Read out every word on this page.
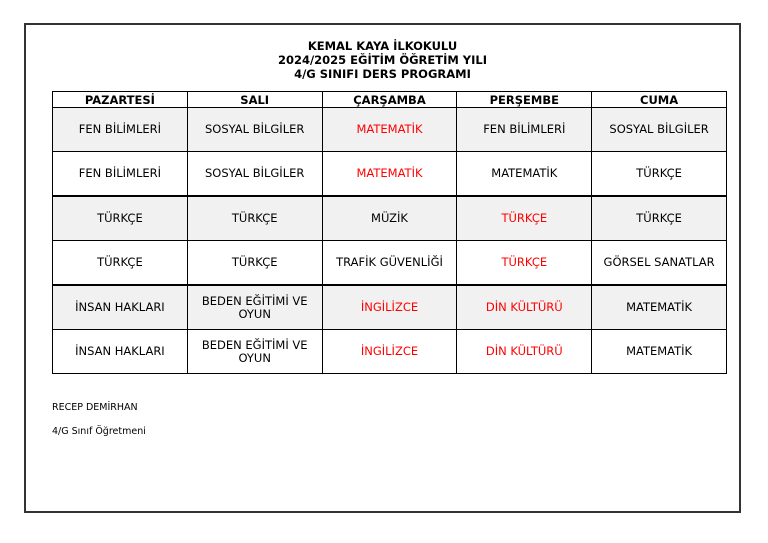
KEMAL KAYA İLKOKULU
2024/2025 EĞİTİM ÖĞRETİM YILI
4/G SINIFI DERS PROGRAMI
PAZARTESİ	SALI	ÇARŞAMBA	PERŞEMBE	CUMA
FEN BİLİMLERİ	SOSYAL BİLGİLER	MATEMATİK	FEN BİLİMLERİ	SOSYAL BİLGİLER
FEN BİLİMLERİ	SOSYAL BİLGİLER	MATEMATİK	MATEMATİK	TÜRKÇE
TÜRKÇE	TÜRKÇE	MÜZİK	TÜRKÇE	TÜRKÇE
TÜRKÇE	TÜRKÇE	TRAFİK GÜVENLİĞİ	TÜRKÇE	GÖRSEL SANATLAR
İNSAN HAKLARI	BEDEN EĞİTİMİ VE OYUN	İNGİLİZCE	DİN KÜLTÜRÜ	MATEMATİK
İNSAN HAKLARI	BEDEN EĞİTİMİ VE OYUN	İNGİLİZCE	DİN KÜLTÜRÜ	MATEMATİK
RECEP DEMİRHAN
4/G Sınıf Öğretmeni
